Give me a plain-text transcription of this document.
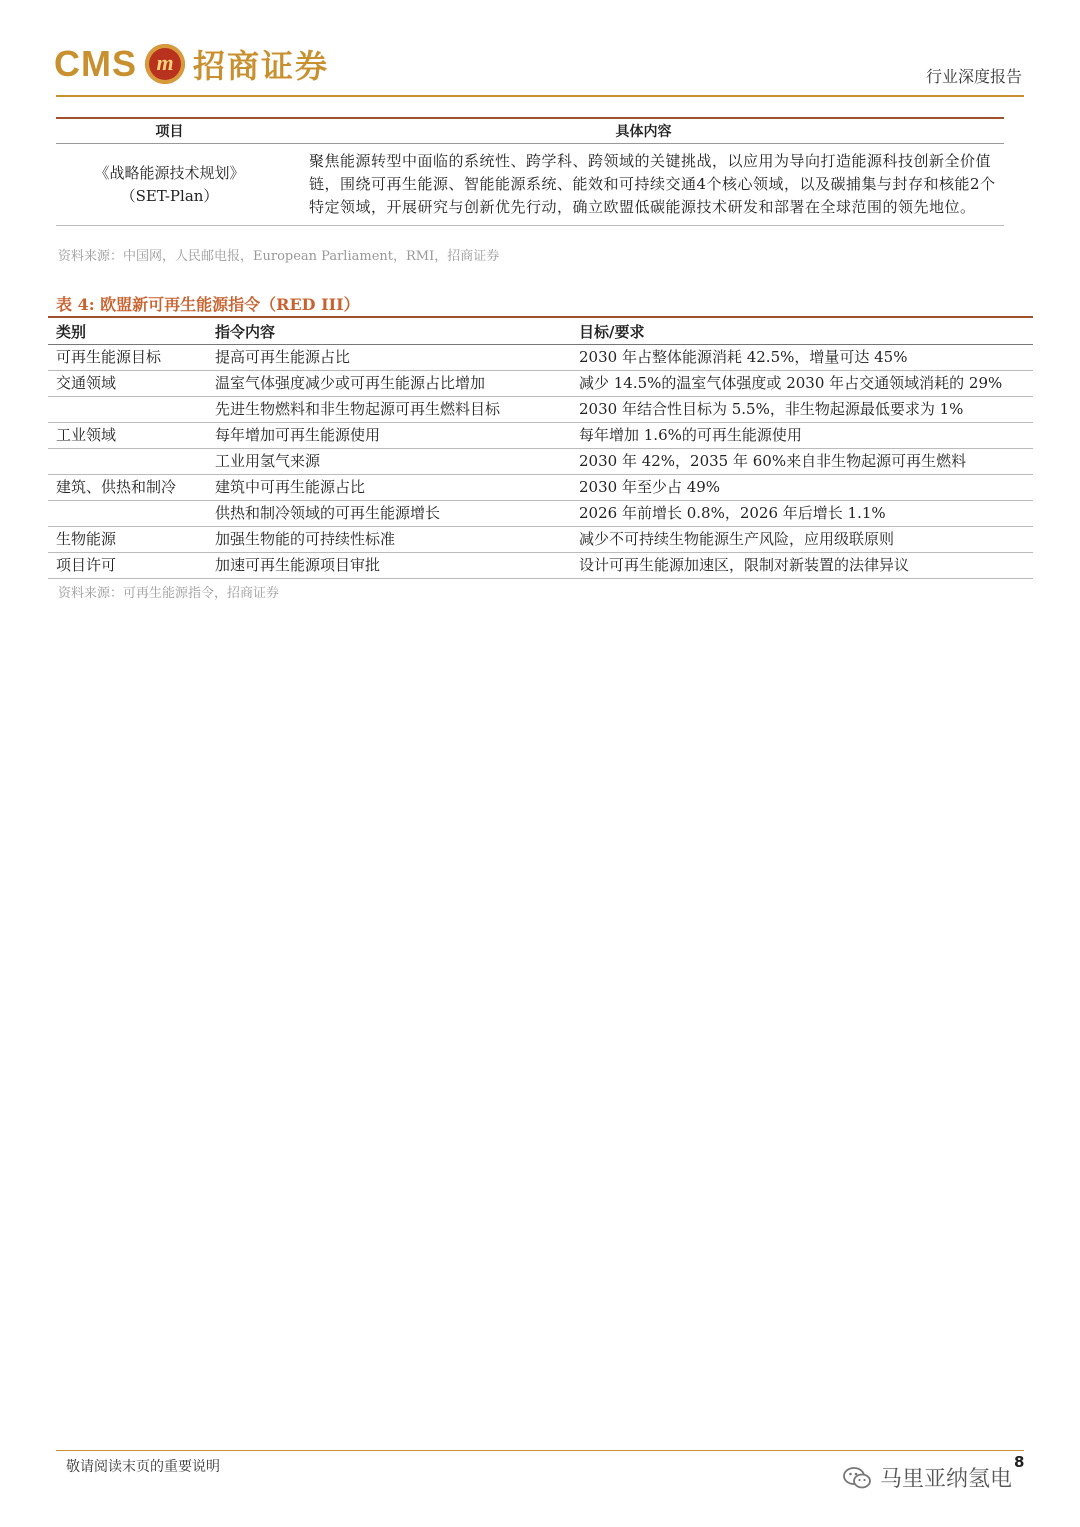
CMS m 招商证券	行业深度报告
项目	具体内容

《战略能源技术规划》
（SET-Plan）	聚焦能源转型中面临的系统性、跨学科、跨领域的关键挑战，以应用为导向打造能源科技创新全价值链，围绕可再生能源、智能能源系统、能效和可持续交通4个核心领域，以及碳捕集与封存和核能2个特定领域，开展研究与创新优先行动，确立欧盟低碳能源技术研发和部署在全球范围的领先地位。
资料来源：中国网，人民邮电报，European Parliament，RMI，招商证券
表 4: 欧盟新可再生能源指令（RED III）
类别	指令内容	目标/要求
可再生能源目标	提高可再生能源占比	2030 年占整体能源消耗 42.5%，增量可达 45%
交通领域	温室气体强度减少或可再生能源占比增加	减少 14.5%的温室气体强度或 2030 年占交通领域消耗的 29%
	先进生物燃料和非生物起源可再生燃料目标	2030 年结合性目标为 5.5%，非生物起源最低要求为 1%
工业领域	每年增加可再生能源使用	每年增加 1.6%的可再生能源使用
	工业用氢气来源	2030 年 42%，2035 年 60%来自非生物起源可再生燃料
建筑、供热和制冷	建筑中可再生能源占比	2030 年至少占 49%
	供热和制冷领域的可再生能源增长	2026 年前增长 0.8%，2026 年后增长 1.1%
生物能源	加强生物能的可持续性标准	减少不可持续生物能源生产风险，应用级联原则
项目许可	加速可再生能源项目审批	设计可再生能源加速区，限制对新装置的法律异议
资料来源：可再生能源指令，招商证券
敬请阅读末页的重要说明	8
马里亚纳氢电
